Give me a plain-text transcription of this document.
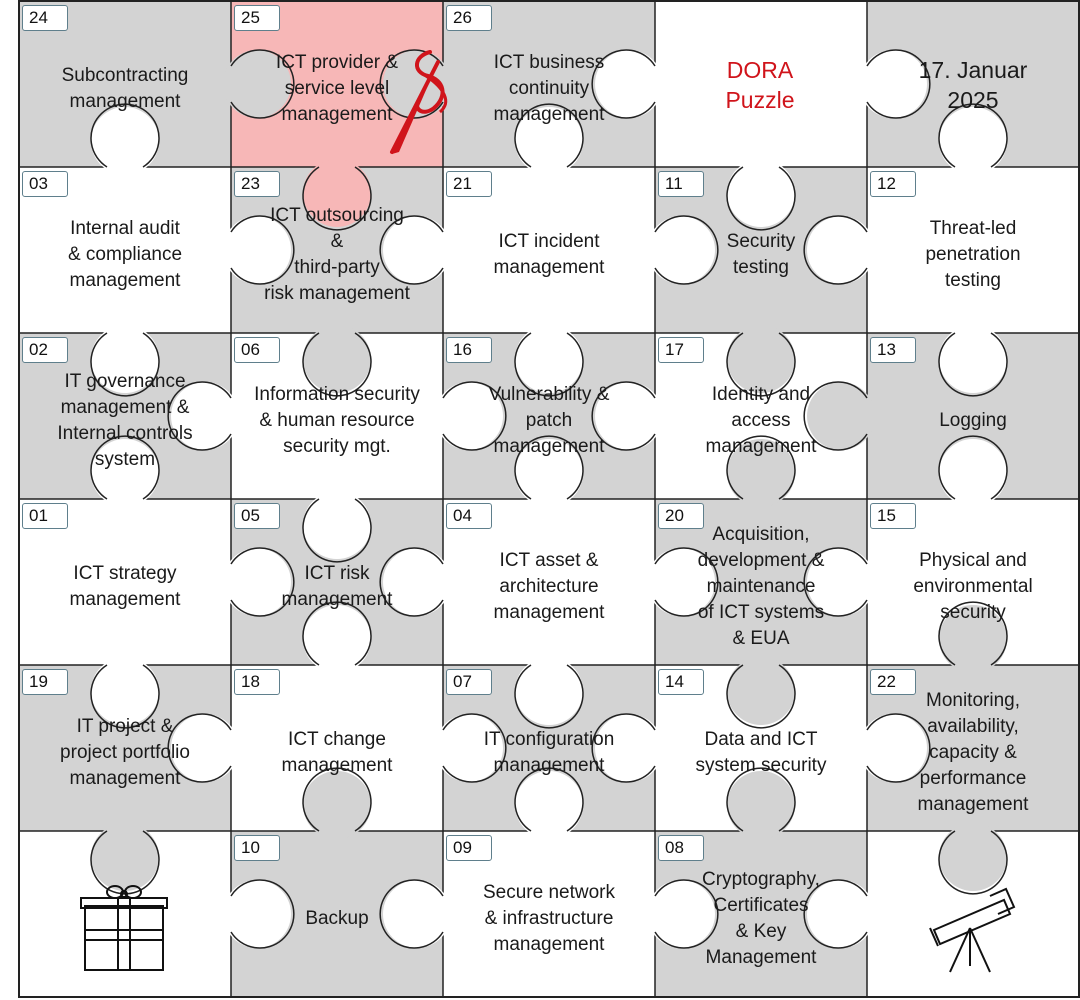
24
Subcontracting
management
25
ICT provider &
service level
management
26
ICT business
continuity
management
03
Internal audit
& compliance
management
23
ICT outsourcing
&
third-party
risk management
21
ICT incident
management
11
Security
testing
12
Threat-led
penetration
testing
02
IT governance
management &
Internal controls
system
06
Information security
& human resource
security mgt.
16
Vulnerability &
patch
management
17
Identity and
access
management
13
Logging
01
ICT strategy
management
05
ICT risk
management
04
ICT asset &
architecture
management
20
Acquisition,
development &
maintenance
of ICT systems
& EUA
15
Physical and
environmental
security
19
IT project &
project portfolio
management
18
ICT change
management
07
IT configuration
management
14
Data and ICT
system security
22
Monitoring,
availability,
capacity &
performance
management
10
Backup
09
Secure network
& infrastructure
management
08
Cryptography,
Certificates
& Key
Management
DORA
Puzzle
17. Januar
2025
